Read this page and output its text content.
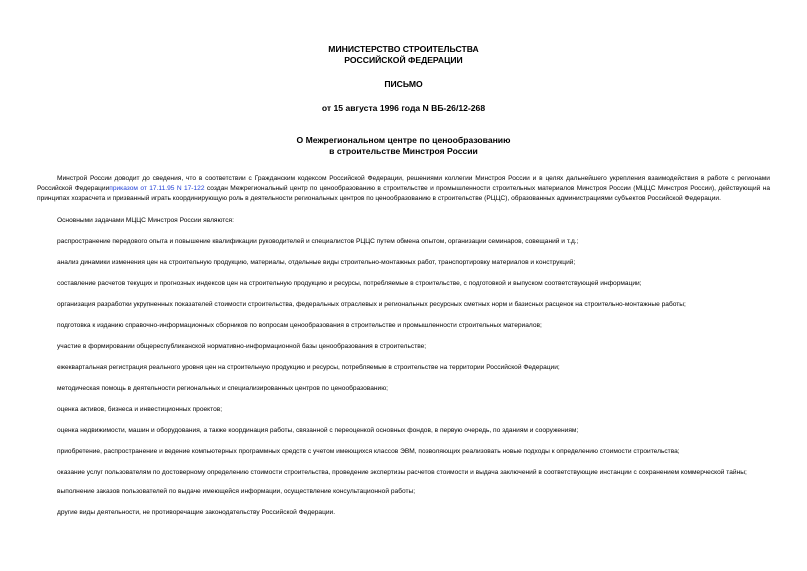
МИНИСТЕРСТВО СТРОИТЕЛЬСТВА
РОССИЙСКОЙ ФЕДЕРАЦИИ
ПИСЬМО
от 15 августа 1996 года N ВБ-26/12-268
О Межрегиональном центре по ценообразованию
в строительстве Минстроя России

Минстрой России доводит до сведения, что в соответствии с Гражданским кодексом Российской Федерации, решениями коллегии Минстроя России и в целях дальнейшего укрепления взаимодействия в работе с регионами Российской Федерацииприказом от 17.11.95 N 17-122 создан Межрегиональный центр по ценообразованию в строительстве и промышленности строительных материалов Минстроя России (МЦЦС Минстроя России), действующий на принципах хозрасчета и призванный играть координирующую роль в деятельности региональных центров по ценообразованию в строительстве (РЦЦС), образованных администрациями субъектов Российской Федерации.

Основными задачами МЦЦС Минстроя России являются:

распространение передового опыта и повышение квалификации руководителей и специалистов РЦЦС путем обмена опытом, организации семинаров, совещаний и т.д.;

анализ динамики изменения цен на строительную продукцию, материалы, отдельные виды строительно-монтажных работ, транспортировку материалов и конструкций;

составление расчетов текущих и прогнозных индексов цен на строительную продукцию и ресурсы, потребляемые в строительстве, с подготовкой и выпуском соответствующей информации;

организация разработки укрупненных показателей стоимости строительства, федеральных отраслевых и региональных ресурсных сметных норм и базисных расценок на строительно-монтажные работы;

подготовка к изданию справочно-информационных сборников по вопросам ценообразования в строительстве и промышленности строительных материалов;

участие в формировании общереспубликанской нормативно-информационной базы ценообразования в строительстве;

ежеквартальная регистрация реального уровня цен на строительную продукцию и ресурсы, потребляемые в строительстве на территории Российской Федерации;

методическая помощь в деятельности региональных и специализированных центров по ценообразованию;

оценка активов, бизнеса и инвестиционных проектов;

оценка недвижимости, машин и оборудования, а также координация работы, связанной с переоценкой основных фондов, в первую очередь, по зданиям и сооружениям;

приобретение, распространение и ведение компьютерных программных средств с учетом имеющихся классов ЭВМ, позволяющих реализовать новые подходы к определению стоимости строительства;

оказание услуг пользователям по достоверному определению стоимости строительства, проведение экспертизы расчетов стоимости и выдача заключений в соответствующие инстанции с сохранением коммерческой тайны;

выполнение заказов пользователей по выдаче имеющейся информации, осуществление консультационной работы;

другие виды деятельности, не противоречащие законодательству Российской Федерации.
